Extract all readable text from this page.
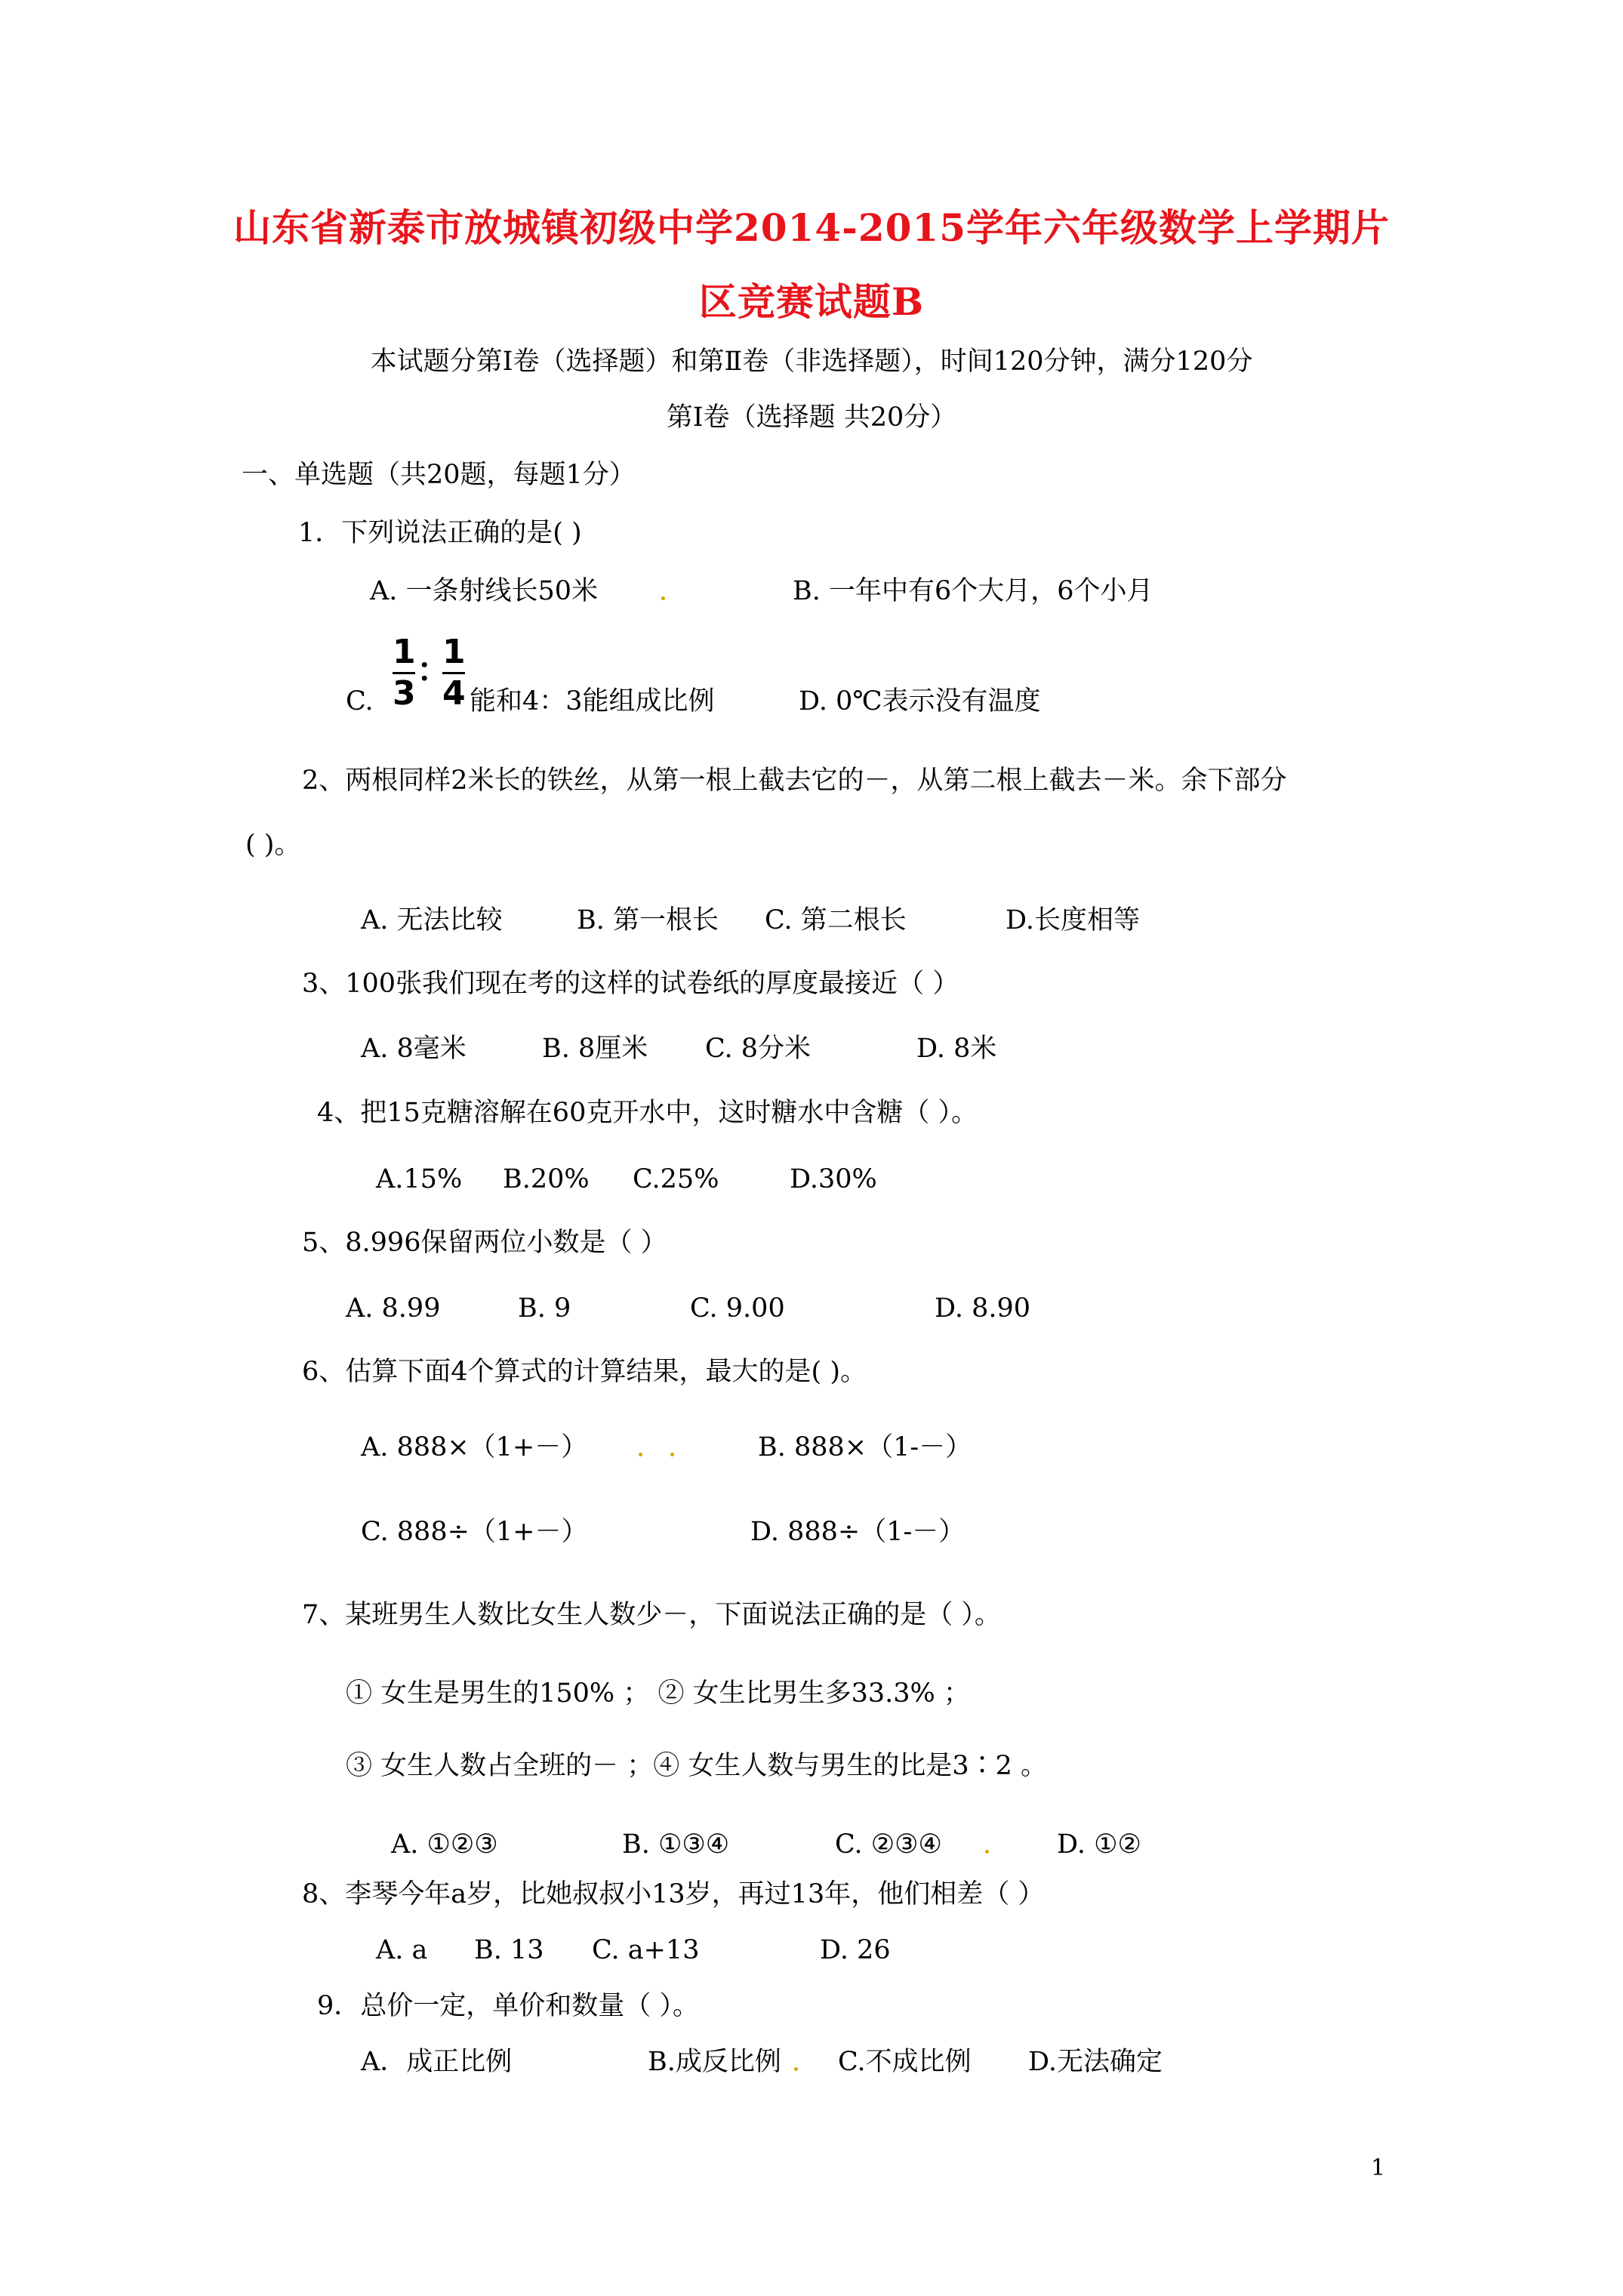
山东省新泰市放城镇初级中学2014-2015学年六年级数学上学期片
区竞赛试题B
本试题分第Ⅰ卷（选择题）和第Ⅱ卷（非选择题），时间120分钟，满分120分
第Ⅰ卷（选择题 共20分）
一、单选题（共20题，每题1分）
1．下列说法正确的是( )
A. 一条射线长50米	B. 一年中有6个大月，6个小月
C.
1
3
：
1
4 能和4：3能组成比例	D. 0℃表示没有温度
2、两根同样2米长的铁丝，从第一根上截去它的－，从第二根上截去－米。余下部分
( )。
A. 无法比较	B. 第一根长 C. 第二根长	D.长度相等
3、100张我们现在考的这样的试卷纸的厚度最接近（ ）
A. 8毫米	B. 8厘米 C. 8分米	D. 8米
4、把15克糖溶解在60克开水中，这时糖水中含糖（ ）。
A.15% B.20% C.25%	D.30%
5、8.996保留两位小数是（ ）
A. 8.99	B. 9	C. 9.00	D. 8.90
6、估算下面4个算式的计算结果，最大的是( )。
A. 888×（1+－）	B. 888×（1-－）
C. 888÷（1+－）	D. 888÷（1-－）
7、某班男生人数比女生人数少－，下面说法正确的是（ ）。
① 女生是男生的150% ； ② 女生比男生多33.3% ；
③ 女生人数占全班的－ ；④ 女生人数与男生的比是3∶2 。
A. ①②③	B. ①③④	C. ②③④	D. ①②
8、李琴今年a岁，比她叔叔小13岁，再过13年，他们相差（ ）
A. a B. 13 C. a+13	D. 26
9．总价一定，单价和数量（ ）。
A．成正比例	B.成反比例 C.不成比例 D.无法确定
1
